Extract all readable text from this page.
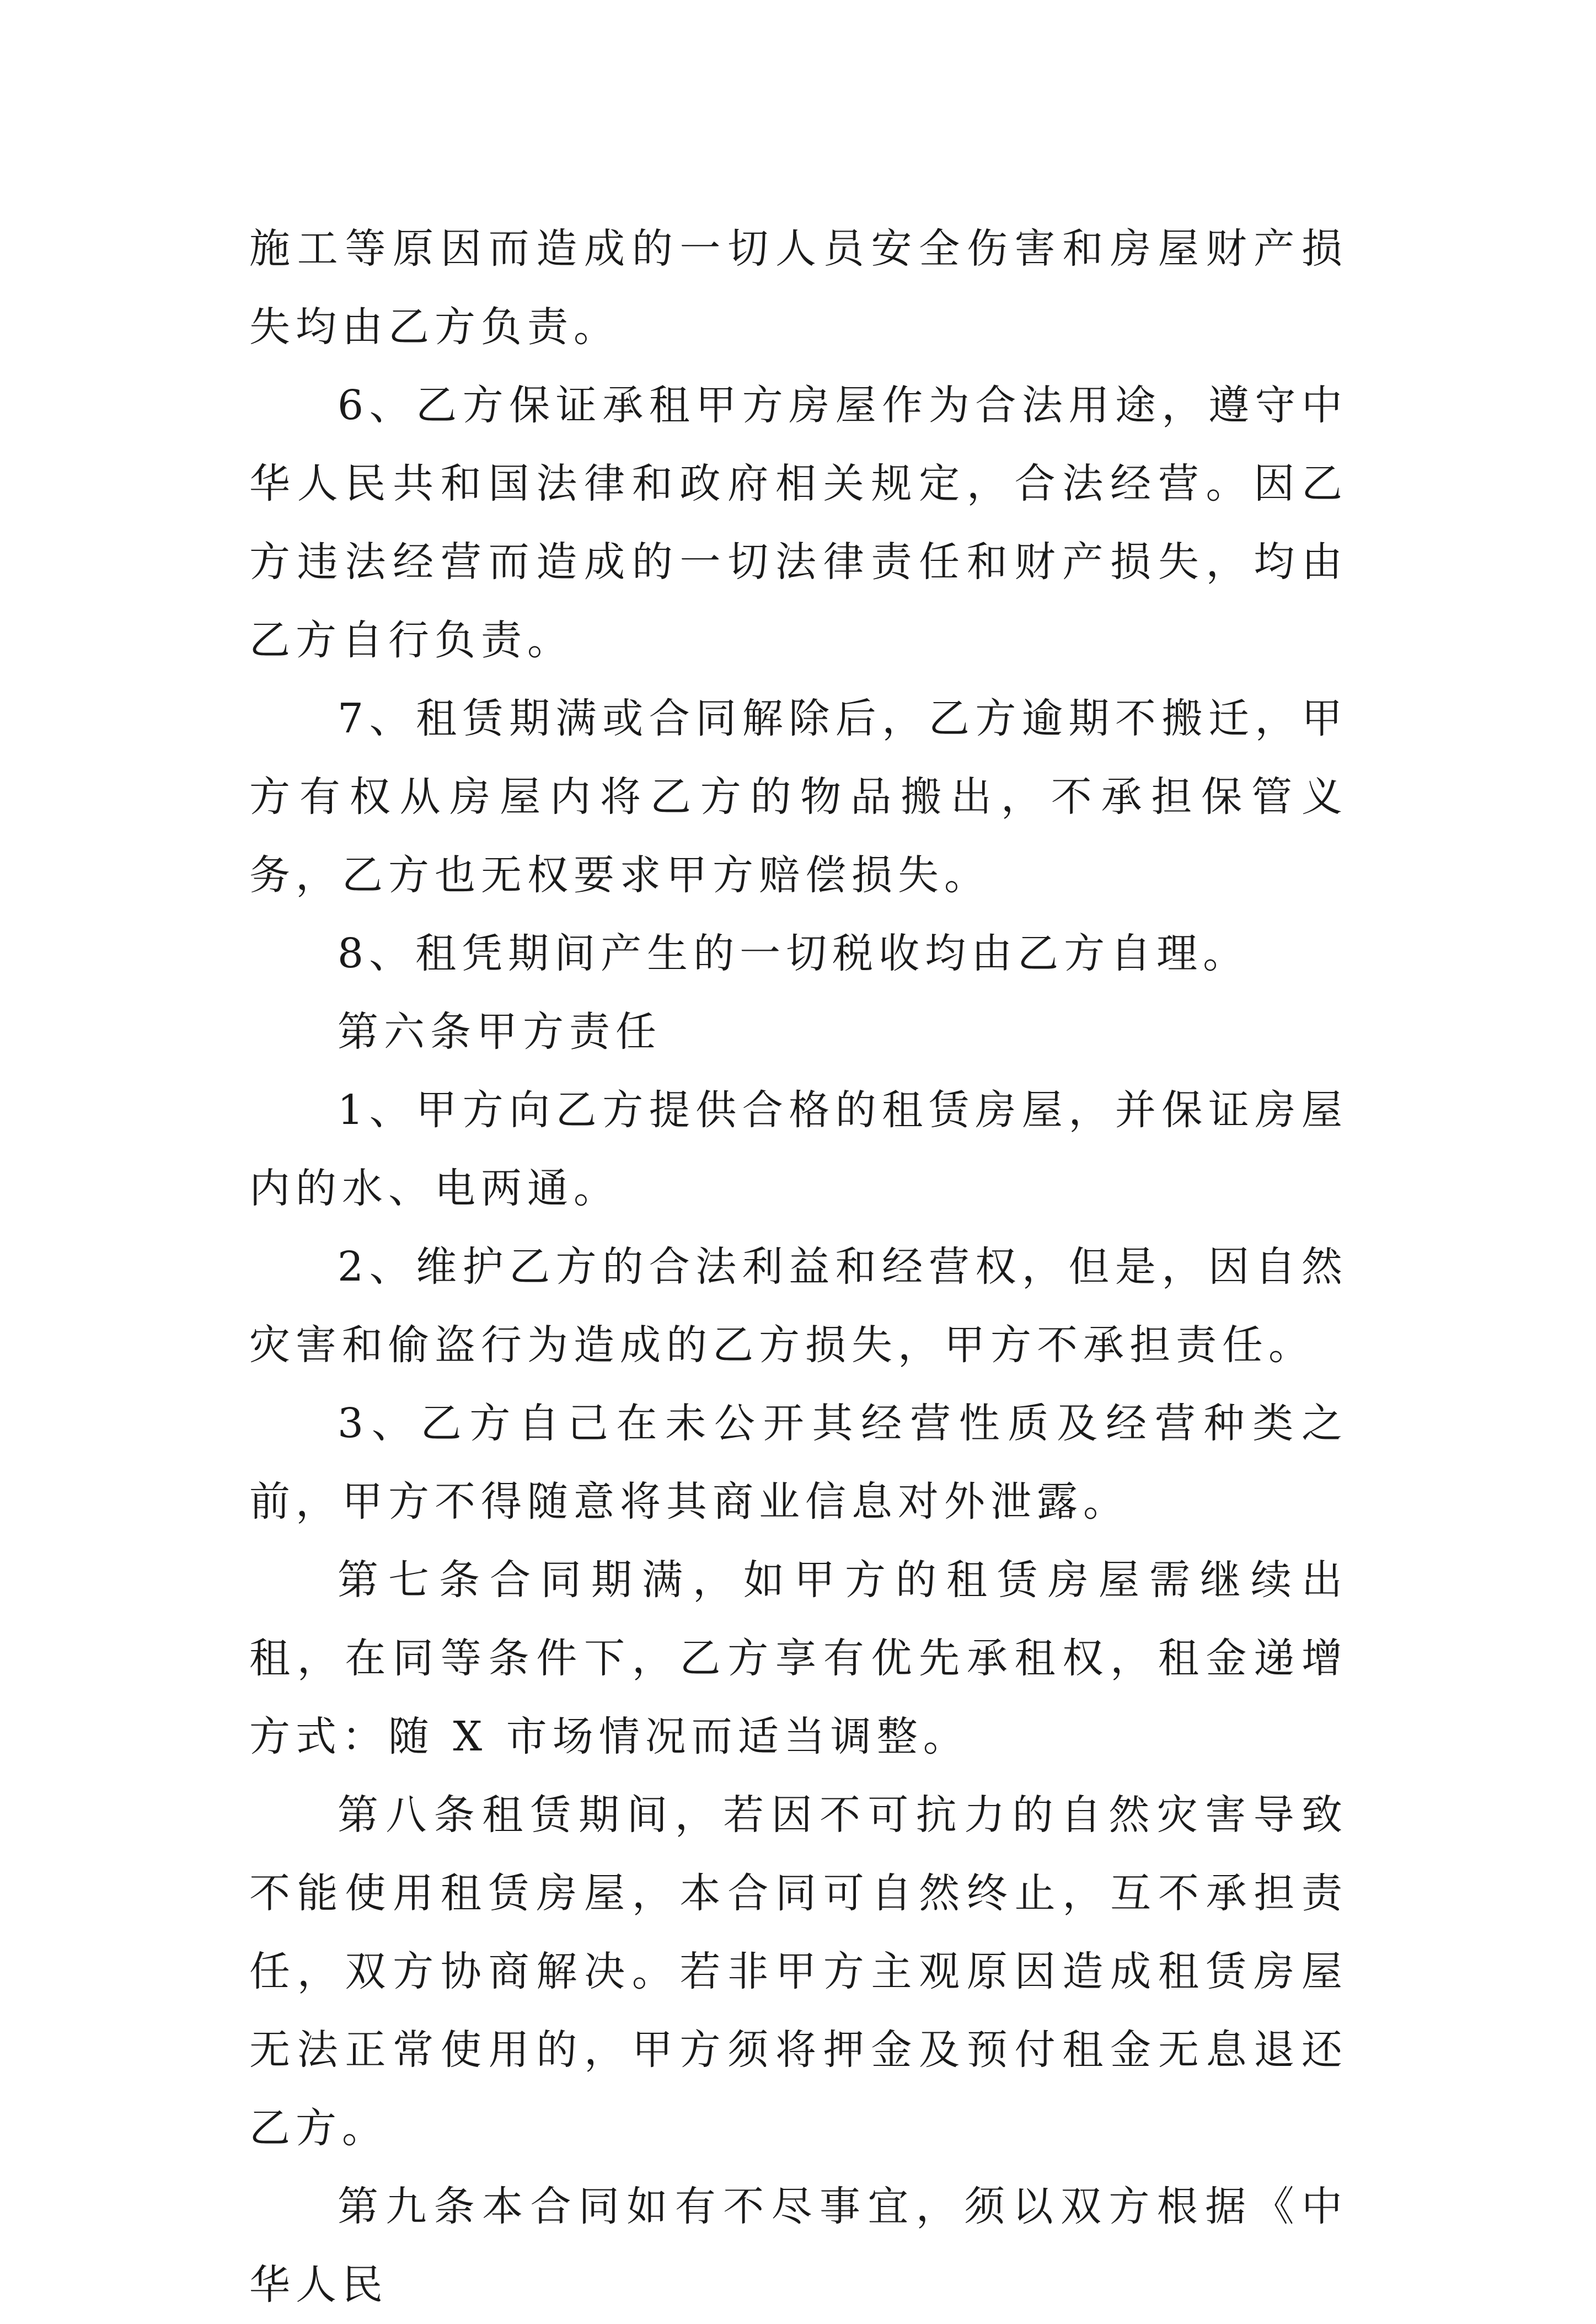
施工等原因而造成的一切人员安全伤害和房屋财产损失均由乙方负责。

6、乙方保证承租甲方房屋作为合法用途，遵守中华人民共和国法律和政府相关规定，合法经营。因乙方违法经营而造成的一切法律责任和财产损失，均由乙方自行负责。

7、租赁期满或合同解除后，乙方逾期不搬迁，甲方有权从房屋内将乙方的物品搬出，不承担保管义务，乙方也无权要求甲方赔偿损失。

8、租凭期间产生的一切税收均由乙方自理。

第六条甲方责任

1、甲方向乙方提供合格的租赁房屋，并保证房屋内的水、电两通。

2、维护乙方的合法利益和经营权，但是，因自然灾害和偷盗行为造成的乙方损失，甲方不承担责任。

3、乙方自己在未公开其经营性质及经营种类之前，甲方不得随意将其商业信息对外泄露。

第七条合同期满，如甲方的租赁房屋需继续出租，在同等条件下，乙方享有优先承租权，租金递增方式：随 X 市场情况而适当调整。

第八条租赁期间，若因不可抗力的自然灾害导致不能使用租赁房屋，本合同可自然终止，互不承担责任，双方协商解决。若非甲方主观原因造成租赁房屋无法正常使用的，甲方须将押金及预付租金无息退还乙方。

第九条本合同如有不尽事宜，须以双方根据《中华人民
